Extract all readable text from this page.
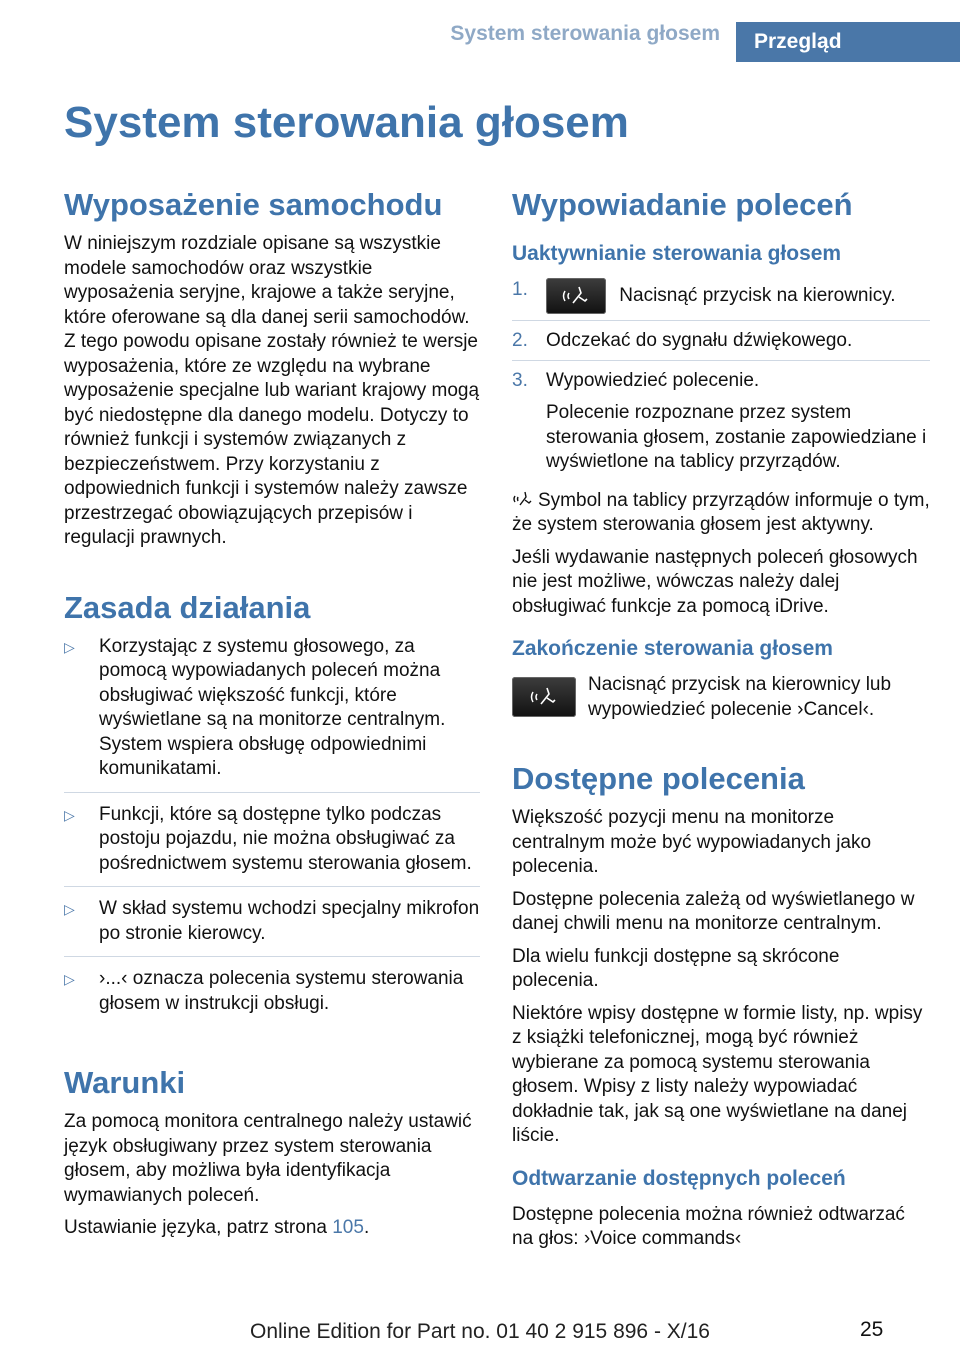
System sterowania głosem	Przegląd
System sterowania głosem
Wyposażenie samochodu

W niniejszym rozdziale opisane są wszystkie modele samochodów oraz wszystkie wyposażenia seryjne, krajowe a także seryjne, które oferowane są dla danej serii samochodów. Z tego powodu opisane zostały również te wersje wyposażenia, które ze względu na wybrane wyposażenie specjalne lub wariant krajowy mogą być niedostępne dla danego modelu. Dotyczy to również funkcji i systemów związanych z bezpieczeństwem. Przy korzystaniu z odpowiednich funkcji i systemów należy zawsze przestrzegać obowiązujących przepisów i regulacji prawnych.

Zasada działania
▷ Korzystając z systemu głosowego, za pomocą wypowiadanych poleceń można obsługiwać większość funkcji, które wyświetlane są na monitorze centralnym. System wspiera obsługę odpowiednimi komunikatami.
▷ Funkcji, które są dostępne tylko podczas postoju pojazdu, nie można obsługiwać za pośrednictwem systemu sterowania głosem.
▷ W skład systemu wchodzi specjalny mikrofon po stronie kierowcy.
▷ ›...‹ oznacza polecenia systemu sterowania głosem w instrukcji obsługi.
Warunki

Za pomocą monitora centralnego należy ustawić język obsługiwany przez system sterowania głosem, aby możliwa była identyfikacja wymawianych poleceń.

Ustawianie języka, patrz strona 105.

Wypowiadanie poleceń
Uaktywnianie sterowania głosem
1.	Nacisnąć przycisk na kierownicy.
2. Odczekać do sygnału dźwiękowego.
3. Wypowiedzieć polecenie.
Polecenie rozpoznane przez system sterowania głosem, zostanie zapowiedziane i wyświetlone na tablicy przyrządów.

Symbol na tablicy przyrządów informuje o tym, że system sterowania głosem jest aktywny.

Jeśli wydawanie następnych poleceń głosowych nie jest możliwe, wówczas należy dalej obsługiwać funkcje za pomocą iDrive.

Zakończenie sterowania głosem

Nacisnąć przycisk na kierownicy lub wypowiedzieć polecenie ›Cancel‹.

Dostępne polecenia

Większość pozycji menu na monitorze centralnym może być wypowiadanych jako polecenia.

Dostępne polecenia zależą od wyświetlanego w danej chwili menu na monitorze centralnym.

Dla wielu funkcji dostępne są skrócone polecenia.

Niektóre wpisy dostępne w formie listy, np. wpisy z książki telefonicznej, mogą być również wybierane za pomocą systemu sterowania głosem. Wpisy z listy należy wypowiadać dokładnie tak, jak są one wyświetlane na danej liście.

Odtwarzanie dostępnych poleceń

Dostępne polecenia można również odtwarzać na głos: ›Voice commands‹

25
Online Edition for Part no. 01 40 2 915 896 - X/16
